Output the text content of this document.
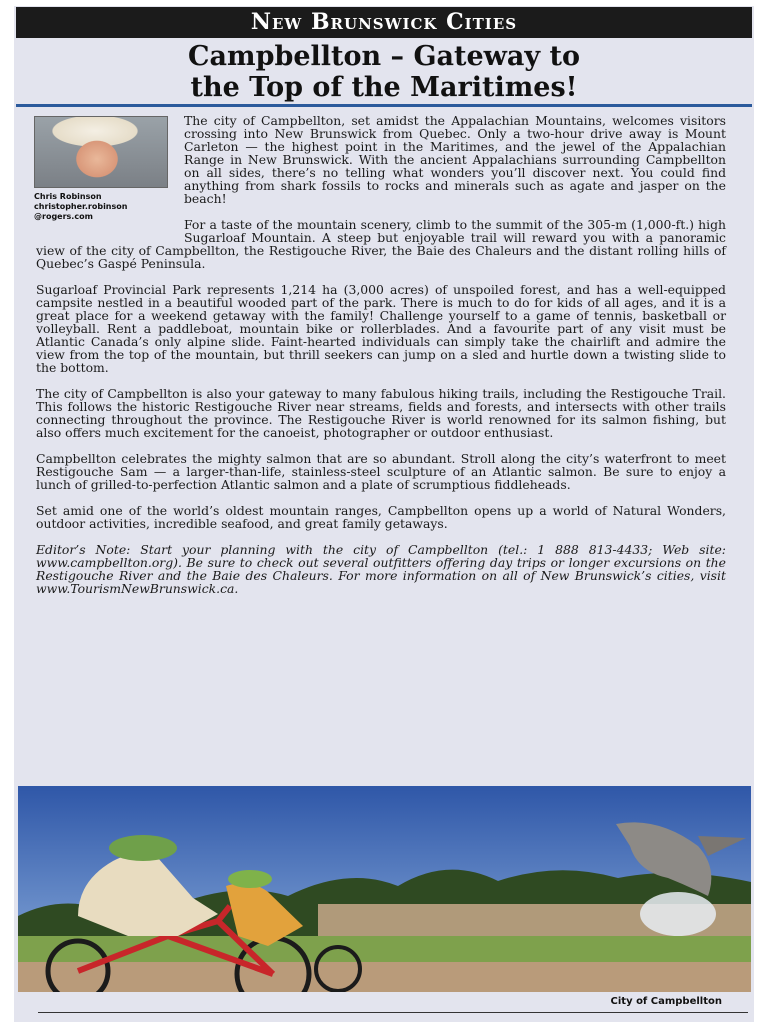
New Brunswick Cities
Campbellton – Gateway to
the Top of the Maritimes!

Chris Robinson
christopher.robinson
@rogers.com
The city of Campbellton, set amidst the Appalachian Mountains, welcomes visitors crossing into New Brunswick from Quebec. Only a two-hour drive away is Mount Carleton — the highest point in the Maritimes, and the jewel of the Appalachian Range in New Brunswick. With the ancient Appalachians surrounding Campbellton on all sides, there’s no telling what wonders you’ll discover next. You could find anything from shark fossils to rocks and minerals such as agate and jasper on the beach!

For a taste of the mountain scenery, climb to the summit of the 305-m (1,000-ft.) high Sugarloaf Mountain. A steep but enjoyable trail will reward you with a panoramic view of the city of Campbellton, the Restigouche River, the Baie des Chaleurs and the distant rolling hills of Quebec’s Gaspé Peninsula.

Sugarloaf Provincial Park represents 1,214 ha (3,000 acres) of unspoiled forest, and has a well-equipped campsite nestled in a beautiful wooded part of the park. There is much to do for kids of all ages, and it is a great place for a weekend getaway with the family! Challenge yourself to a game of tennis, basketball or volleyball. Rent a paddleboat, mountain bike or rollerblades. And a favourite part of any visit must be Atlantic Canada’s only alpine slide. Faint-hearted individuals can simply take the chairlift and admire the view from the top of the mountain, but thrill seekers can jump on a sled and hurtle down a twisting slide to the bottom.

The city of Campbellton is also your gateway to many fabulous hiking trails, including the Restigouche Trail. This follows the historic Restigouche River near streams, fields and forests, and intersects with other trails connecting throughout the province. The Restigouche River is world renowned for its salmon fishing, but also offers much excitement for the canoeist, photographer or outdoor enthusiast.

Campbellton celebrates the mighty salmon that are so abundant. Stroll along the city’s waterfront to meet Restigouche Sam — a larger-than-life, stainless-steel sculpture of an Atlantic salmon. Be sure to enjoy a lunch of grilled-to-perfection Atlantic salmon and a plate of scrumptious fiddleheads.

Set amid one of the world’s oldest mountain ranges, Campbellton opens up a world of Natural Wonders, outdoor activities, incredible seafood, and great family getaways.

Editor’s Note: Start your planning with the city of Campbellton (tel.: 1 888 813-4433; Web site: www.campbellton.org). Be sure to check out several outfitters offering day trips or longer excursions on the Restigouche River and the Baie des Chaleurs. For more information on all of New Brunswick’s cities, visit www.TourismNewBrunswick.ca.

City of Campbellton
